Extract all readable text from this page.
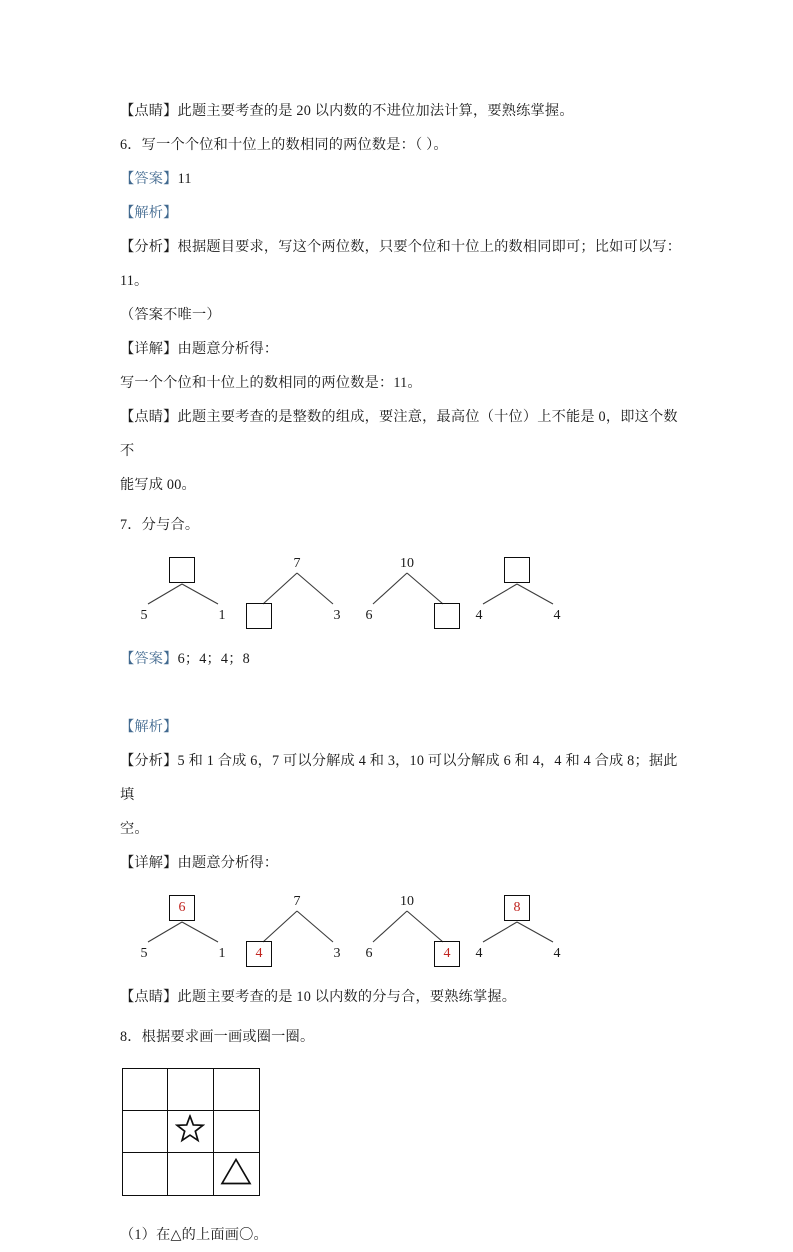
【点睛】此题主要考查的是 20 以内数的不进位加法计算，要熟练掌握。
6．写一个个位和十位上的数相同的两位数是：（ ）。
【答案】11
【解析】
【分析】根据题目要求，写这个两位数，只要个位和十位上的数相同即可；比如可以写：11。
（答案不唯一）
【详解】由题意分析得：
写一个个位和十位上的数相同的两位数是：11。
【点睛】此题主要考查的是整数的组成，要注意，最高位（十位）上不能是 0，即这个数不
能写成 00。
7．分与合。
5	1
7
3
10
6	4	4
【答案】6；4；4；8
【解析】
【分析】5 和 1 合成 6，7 可以分解成 4 和 3，10 可以分解成 6 和 4，4 和 4 合成 8；据此填
空。
【详解】由题意分析得：
6
5	1
7
4	3
10
6	4
8
4	4
【点睛】此题主要考查的是 10 以内数的分与合，要熟练掌握。
8．根据要求画一画或圈一圈。
（1）在△的上面画〇。
